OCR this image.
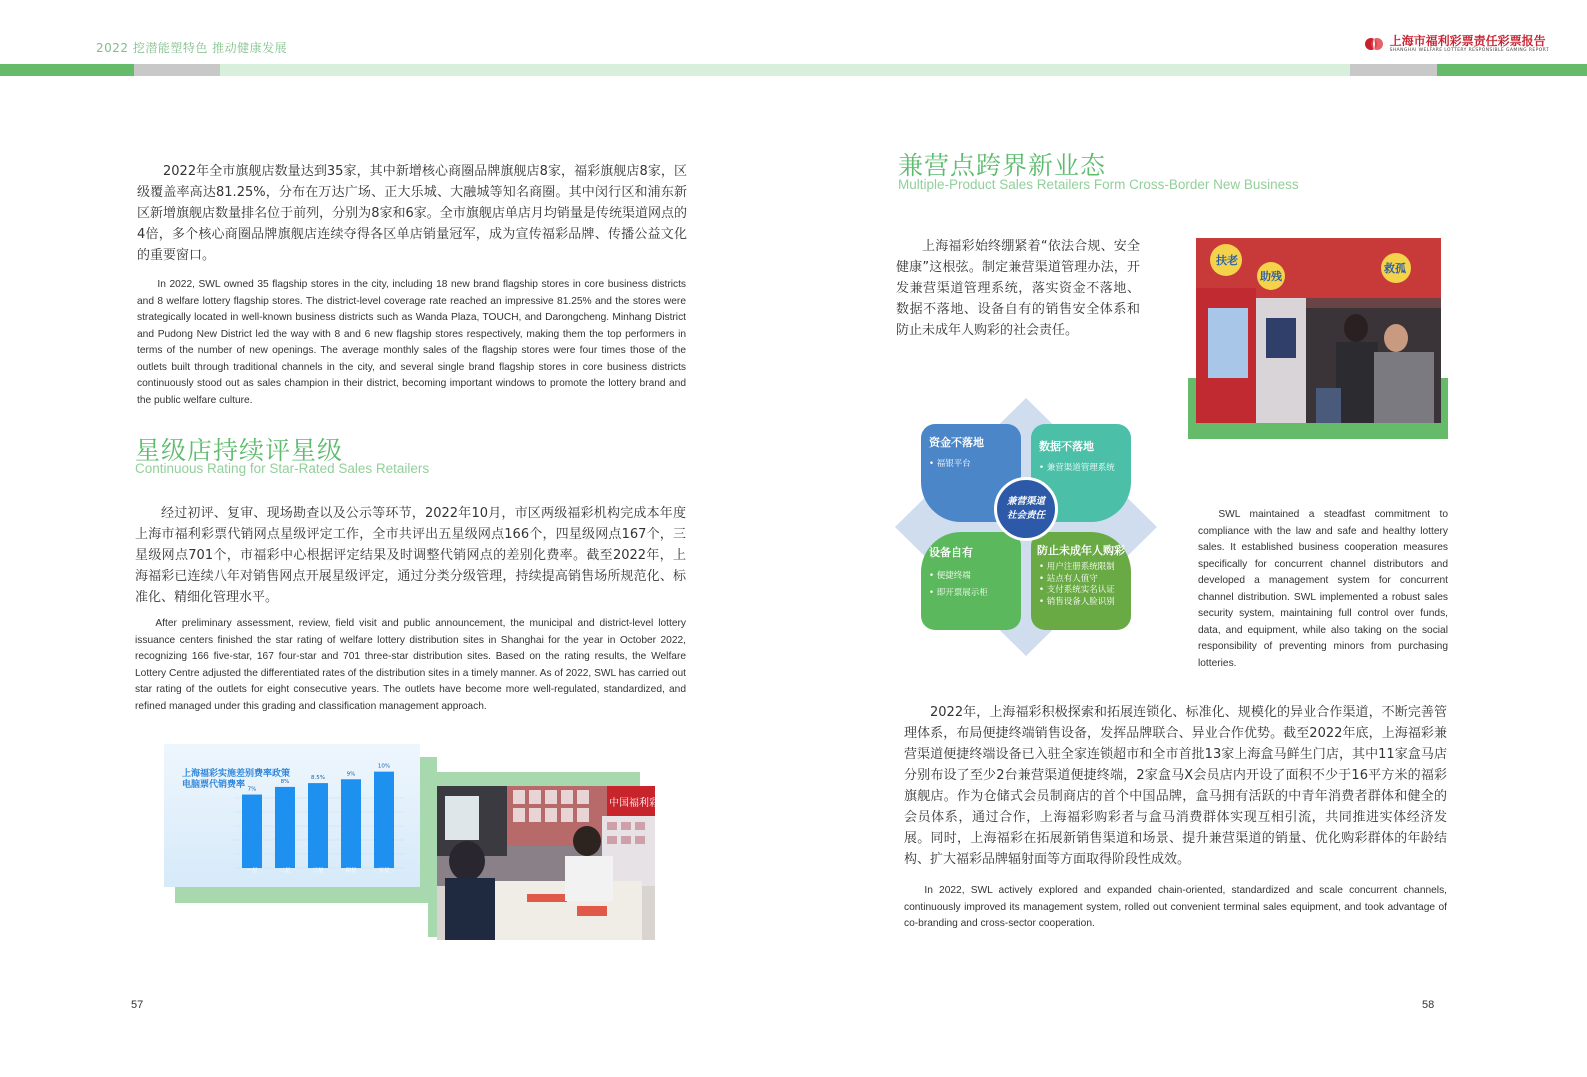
2022 挖潜能塑特色 推动健康发展
上海市福利彩票责任彩票报告
SHANGHAI WELFARE LOTTERY RESPONSIBLE GAMING REPORT
2022年全市旗舰店数量达到35家，其中新增核心商圈品牌旗舰店8家，福彩旗舰店8家，区级覆盖率高达81.25%，分布在万达广场、正大乐城、大融城等知名商圈。其中闵行区和浦东新区新增旗舰店数量排名位于前列，分别为8家和6家。全市旗舰店单店月均销量是传统渠道网点的4倍，多个核心商圈品牌旗舰店连续夺得各区单店销量冠军，成为宣传福彩品牌、传播公益文化的重要窗口。
In 2022, SWL owned 35 flagship stores in the city, including 18 new brand flagship stores in core business districts and 8 welfare lottery flagship stores. The district-level coverage rate reached an impressive 81.25% and the stores were strategically located in well-known business districts such as Wanda Plaza, TOUCH, and Darongcheng. Minhang District and Pudong New District led the way with 8 and 6 new flagship stores respectively, making them the top performers in terms of the number of new openings. The average monthly sales of the flagship stores were four times those of the outlets built through traditional channels in the city, and several single brand flagship stores in core business districts continuously stood out as sales champion in their district, becoming important windows to promote the lottery brand and the public welfare culture.
星级店持续评星级
Continuous Rating for Star-Rated Sales Retailers
经过初评、复审、现场勘查以及公示等环节，2022年10月，市区两级福彩机构完成本年度上海市福利彩票代销网点星级评定工作，全市共评出五星级网点166个，四星级网点167个，三星级网点701个，市福彩中心根据评定结果及时调整代销网点的差别化费率。截至2022年，上海福彩已连续八年对销售网点开展星级评定，通过分类分级管理，持续提高销售场所规范化、标准化、精细化管理水平。
After preliminary assessment, review, field visit and public announcement, the municipal and district-level lottery issuance centers finished the star rating of welfare lottery distribution sites in Shanghai for the year in October 2022, recognizing 166 five-star, 167 four-star and 701 three-star distribution sites. Based on the rating results, the Welfare Lottery Centre adjusted the differentiated rates of the distribution sites in a timely manner. As of 2022, SWL has carried out star rating of the outlets for eight consecutive years. The outlets have become more well-regulated, standardized, and refined managed under this grading and classification management approach.
上海福彩实施差别费率政策
电脑票代销费率 7%
一星
8%
二星
8.5%
三星
9%
四星
10%
五星
中国福利彩票
57
兼营点跨界新业态
Multiple-Product Sales Retailers Form Cross-Border New Business
上海福彩始终绷紧着“依法合规、安全健康”这根弦。制定兼营渠道管理办法，开发兼营渠道管理系统，落实资金不落地、数据不落地、设备自有的销售安全体系和防止未成年人购彩的社会责任。
扶老
助残
救孤
资金不落地
• 福银平台
数据不落地
• 兼营渠道管理系统
设备自有
• 便捷终端
• 即开票展示柜
防止未成年人购彩
• 用户注册系统限制
• 站点有人值守
• 支付系统实名认证
• 销售设备人脸识别
兼营渠道社会责任	SWL maintained a steadfast commitment to compliance with the law and safe and healthy lottery sales. It established business cooperation measures specifically for concurrent channel distributors and developed a management system for concurrent channel distribution. SWL implemented a robust sales security system, maintaining full control over funds, data, and equipment, while also taking on the social responsibility of preventing minors from purchasing lotteries.
2022年，上海福彩积极探索和拓展连锁化、标准化、规模化的异业合作渠道，不断完善管理体系，布局便捷终端销售设备，发挥品牌联合、异业合作优势。截至2022年底，上海福彩兼营渠道便捷终端设备已入驻全家连锁超市和全市首批13家上海盒马鲜生门店，其中11家盒马店分别布设了至少2台兼营渠道便捷终端，2家盒马X会员店内开设了面积不少于16平方米的福彩旗舰店。作为仓储式会员制商店的首个中国品牌，盒马拥有活跃的中青年消费者群体和健全的会员体系，通过合作，上海福彩购彩者与盒马消费群体实现互相引流，共同推进实体经济发展。同时，上海福彩在拓展新销售渠道和场景、提升兼营渠道的销量、优化购彩群体的年龄结构、扩大福彩品牌辐射面等方面取得阶段性成效。
In 2022, SWL actively explored and expanded chain-oriented, standardized and scale concurrent channels, continuously improved its management system, rolled out convenient terminal sales equipment, and took advantage of co-branding and cross-sector cooperation.
58
